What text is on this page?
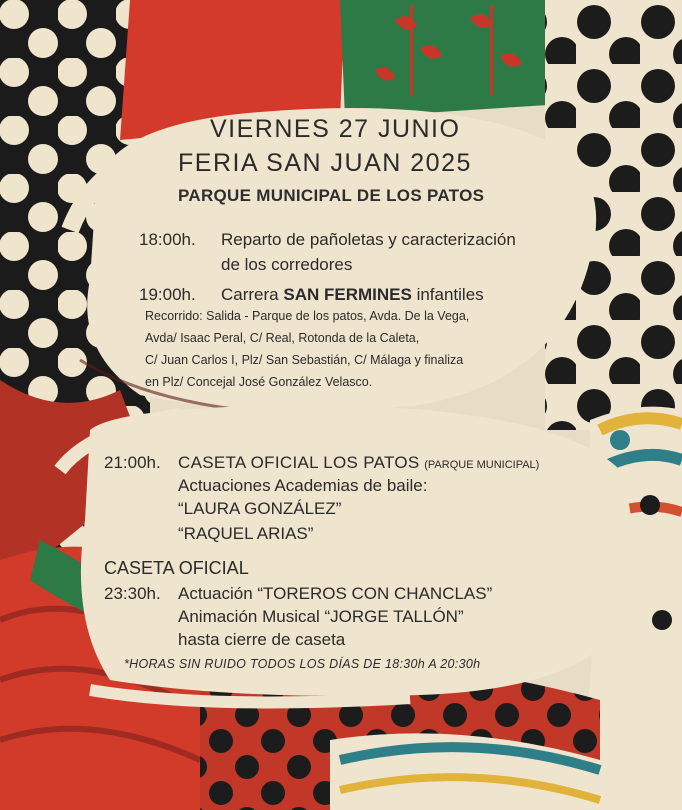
VIERNES 27 JUNIO
FERIA SAN JUAN 2025
PARQUE MUNICIPAL DE LOS PATOS
18:00h. Reparto de pañoletas y caracterización
de los corredores
19:00h. Carrera SAN FERMINES infantiles
Recorrido: Salida - Parque de los patos, Avda. De la Vega,
Avda/ Isaac Peral, C/ Real, Rotonda de la Caleta,
C/ Juan Carlos I, Plz/ San Sebastián, C/ Málaga y finaliza
en Plz/ Concejal José González Velasco.
21:00h. CASETA OFICIAL LOS PATOS (PARQUE MUNICIPAL)
Actuaciones Academias de baile:
“LAURA GONZÁLEZ”
“RAQUEL ARIAS”
CASETA OFICIAL
23:30h. Actuación “TOREROS CON CHANCLAS”
Animación Musical “JORGE TALLÓN”
hasta cierre de caseta
*HORAS SIN RUIDO TODOS LOS DÍAS DE 18:30h A 20:30h
